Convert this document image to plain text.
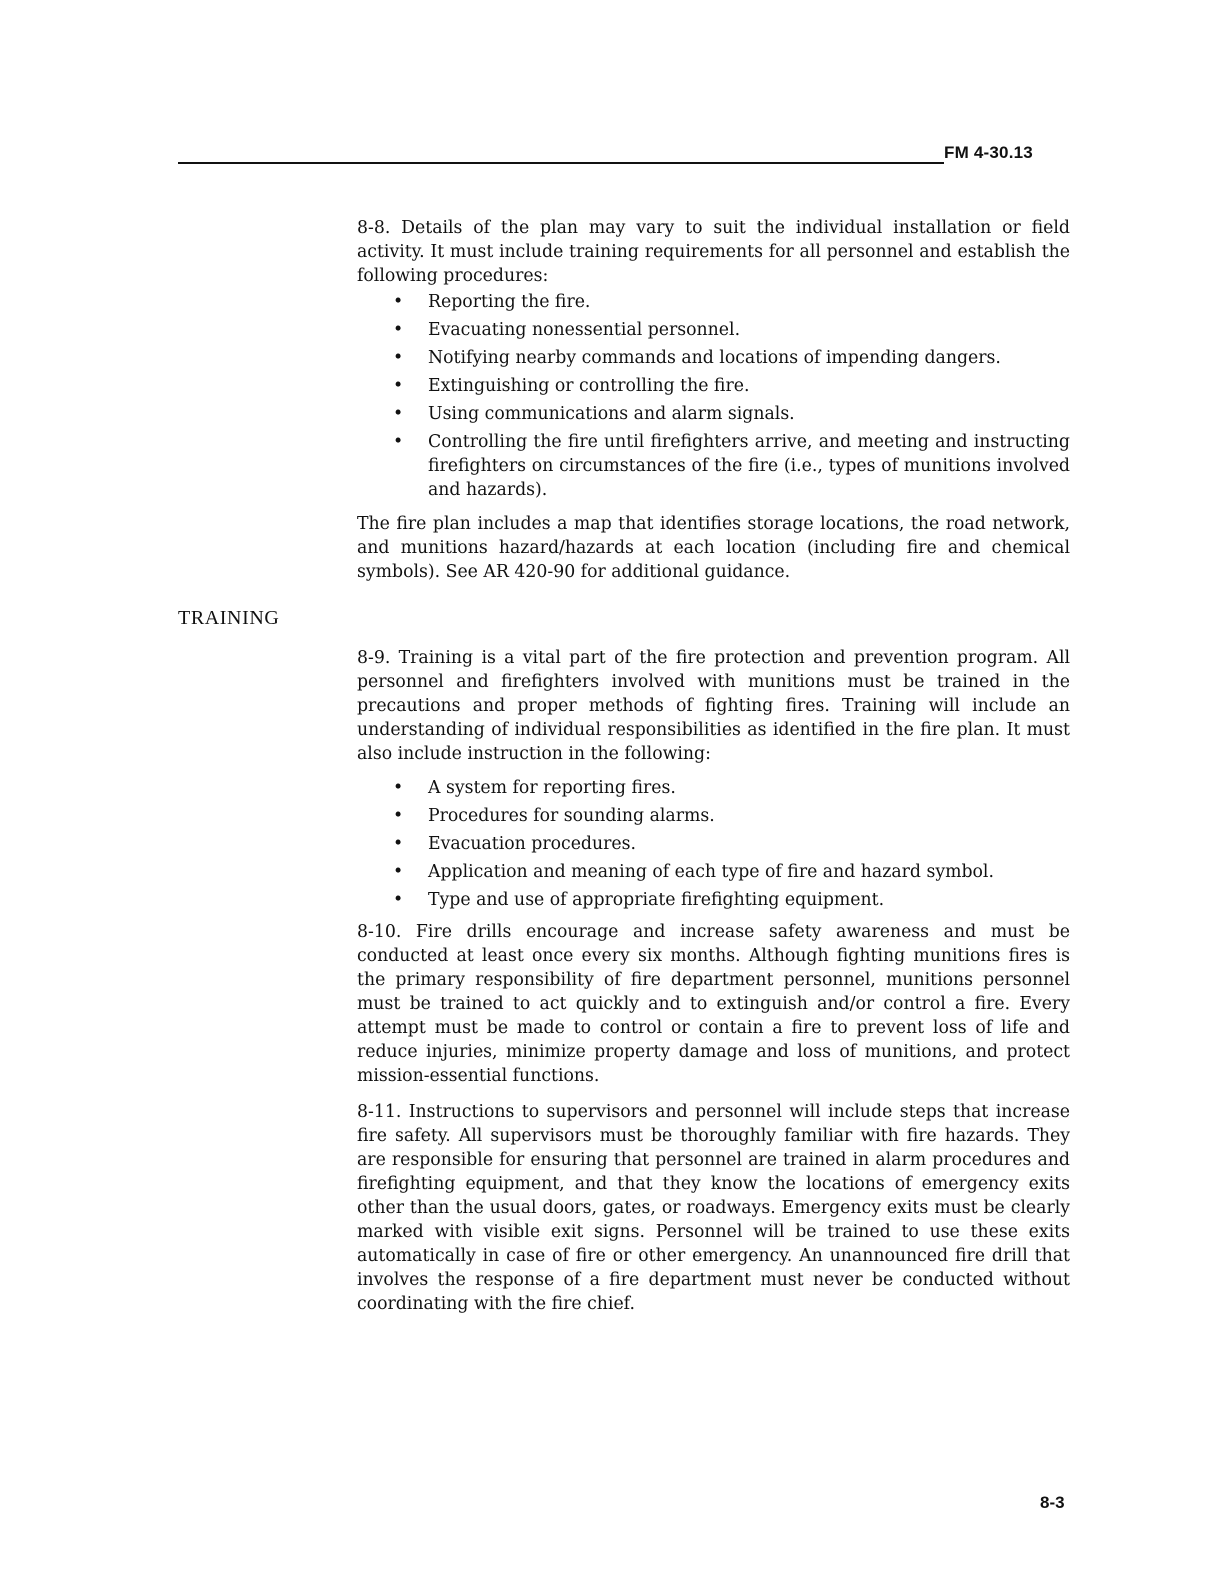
FM 4-30.13
TRAINING

8-8. Details of the plan may vary to suit the individual installation or field activity. It must include training requirements for all personnel and establish the following procedures:

• Reporting the fire.
• Evacuating nonessential personnel.
• Notifying nearby commands and locations of impending dangers.
• Extinguishing or controlling the fire.
• Using communications and alarm signals.
• Controlling the fire until firefighters arrive, and meeting and instructing firefighters on circumstances of the fire (i.e., types of munitions involved and hazards).

The fire plan includes a map that identifies storage locations, the road network, and munitions hazard/hazards at each location (including fire and chemical symbols). See AR 420-90 for additional guidance.

8-9. Training is a vital part of the fire protection and prevention program. All personnel and firefighters involved with munitions must be trained in the precautions and proper methods of fighting fires. Training will include an understanding of individual responsibilities as identified in the fire plan. It must also include instruction in the following:

• A system for reporting fires.
• Procedures for sounding alarms.
• Evacuation procedures.
• Application and meaning of each type of fire and hazard symbol.
• Type and use of appropriate firefighting equipment.

8-10. Fire drills encourage and increase safety awareness and must be conducted at least once every six months. Although fighting munitions fires is the primary responsibility of fire department personnel, munitions personnel must be trained to act quickly and to extinguish and/or control a fire. Every attempt must be made to control or contain a fire to prevent loss of life and reduce injuries, minimize property damage and loss of munitions, and protect mission-essential functions.

8-11. Instructions to supervisors and personnel will include steps that increase fire safety. All supervisors must be thoroughly familiar with fire hazards. They are responsible for ensuring that personnel are trained in alarm procedures and firefighting equipment, and that they know the locations of emergency exits other than the usual doors, gates, or roadways. Emergency exits must be clearly marked with visible exit signs. Personnel will be trained to use these exits automatically in case of fire or other emergency. An unannounced fire drill that involves the response of a fire department must never be conducted without coordinating with the fire chief.

8-3
